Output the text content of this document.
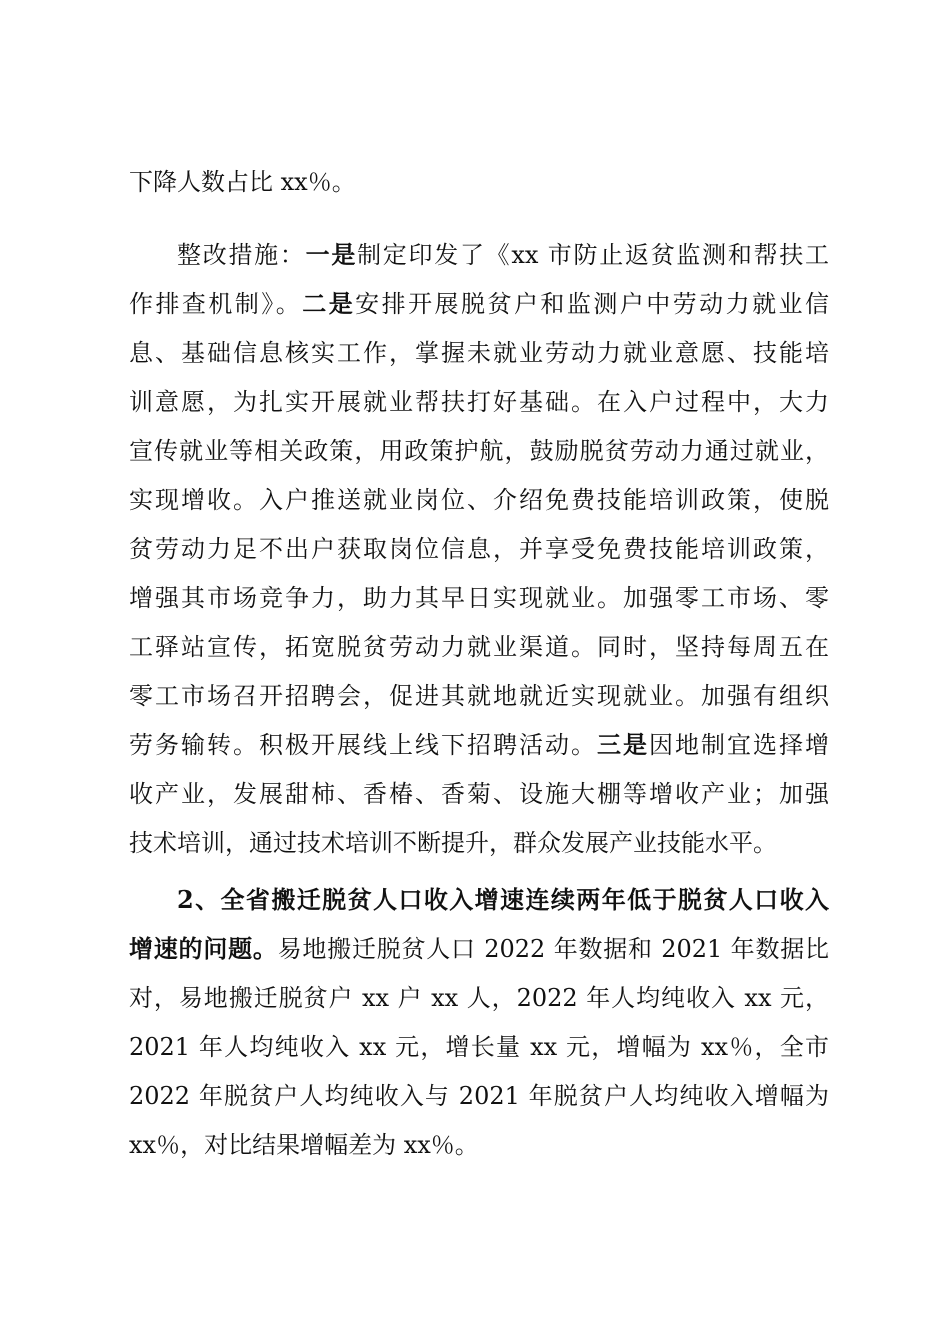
下降人数占比 xx％。
整改措施：一是制定印发了《xx 市防止返贫监测和帮扶工
作排查机制》。二是安排开展脱贫户和监测户中劳动力就业信
息、基础信息核实工作，掌握未就业劳动力就业意愿、技能培
训意愿，为扎实开展就业帮扶打好基础。在入户过程中，大力
宣传就业等相关政策，用政策护航，鼓励脱贫劳动力通过就业，
实现增收。入户推送就业岗位、介绍免费技能培训政策，使脱
贫劳动力足不出户获取岗位信息，并享受免费技能培训政策，
增强其市场竞争力，助力其早日实现就业。加强零工市场、零
工驿站宣传，拓宽脱贫劳动力就业渠道。同时，坚持每周五在
零工市场召开招聘会，促进其就地就近实现就业。加强有组织
劳务输转。积极开展线上线下招聘活动。三是因地制宜选择增
收产业，发展甜柿、香椿、香菊、设施大棚等增收产业；加强
技术培训，通过技术培训不断提升，群众发展产业技能水平。
2、全省搬迁脱贫人口收入增速连续两年低于脱贫人口收入
增速的问题。易地搬迁脱贫人口 2022 年数据和 2021 年数据比
对，易地搬迁脱贫户 xx 户 xx 人，2022 年人均纯收入 xx 元，
2021 年人均纯收入 xx 元，增长量 xx 元，增幅为 xx％，全市
2022 年脱贫户人均纯收入与 2021 年脱贫户人均纯收入增幅为
xx％，对比结果增幅差为 xx％。
